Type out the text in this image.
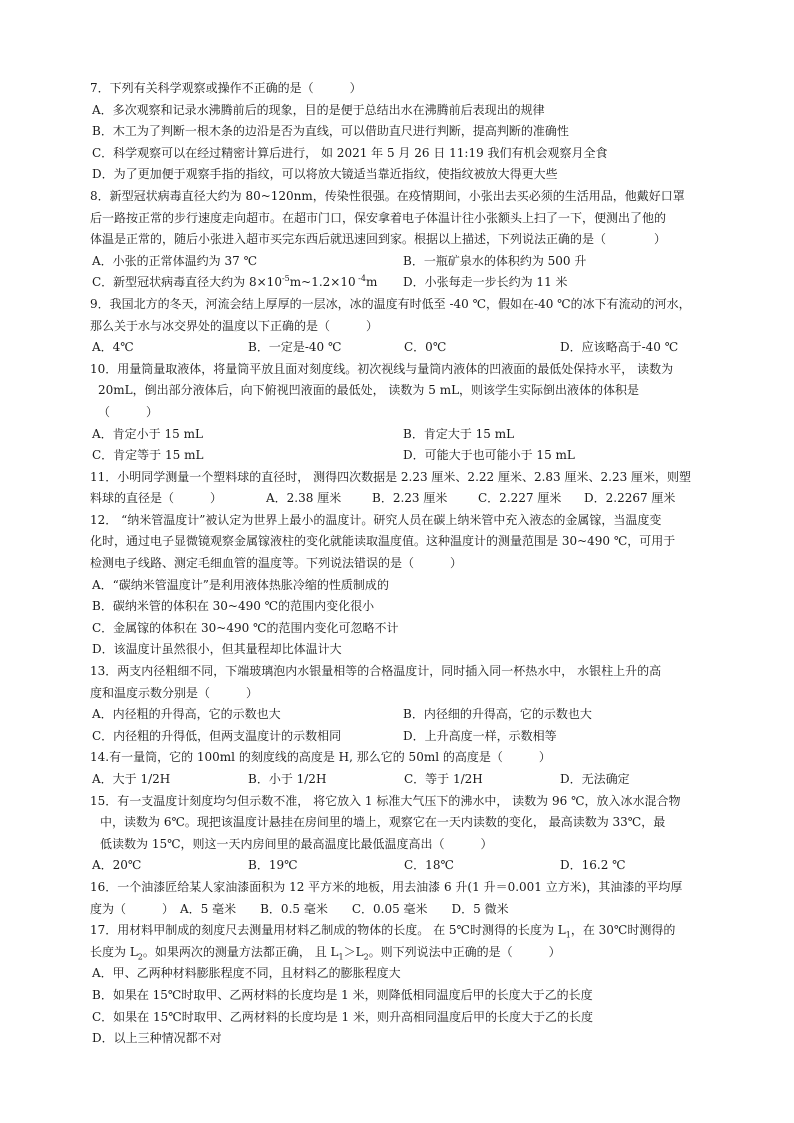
7．下列有关科学观察或操作不正确的是（　　　）
A．多次观察和记录水沸腾前后的现象，目的是便于总结出水在沸腾前后表现出的规律
B．木工为了判断一根木条的边沿是否为直线，可以借助直尺进行判断，提高判断的准确性
C．科学观察可以在经过精密计算后进行， 如 2021 年 5 月 26 日 11:19 我们有机会观察月全食
D．为了更加便于观察手指的指纹，可以将放大镜适当靠近指纹，使指纹被放大得更大些
8．新型冠状病毒直径大约为 80~120nm，传染性很强。在疫情期间，小张出去买必须的生活用品，他戴好口罩
后一路按正常的步行速度走向超市。在超市门口，保安拿着电子体温计往小张额头上扫了一下，便测出了他的
体温是正常的，随后小张进入超市买完东西后就迅速回到家。根据以上描述，下列说法正确的是（　　　　）
A．小张的正常体温约为 37 ℃	B．一瓶矿泉水的体积约为 500 升
C．新型冠状病毒直径大约为 $8\times 10^{-5}m\sim 1.2\times 10$ $^{-4}$m D．小张每走一步长约为 11 米
9．我国北方的冬天，河流会结上厚厚的一层冰，冰的温度有时低至 -40 ℃，假如在-40 ℃的冰下有流动的河水，
那么关于水与冰交界处的温度以下正确的是（　　　）
A．4℃	B．一定是-40 ℃	C．0℃	D．应该略高于-40 ℃
10．用量筒量取液体，将量筒平放且面对刻度线。初次视线与量筒内液体的凹液面的最低处保持水平， 读数为
20mL，倒出部分液体后，向下俯视凹液面的最低处， 读数为 5 mL，则该学生实际倒出液体的体积是
（　　　）
A．肯定小于 15 mL	B．肯定大于 15 mL
C．肯定等于 15 mL	D．可能大于也可能小于 15 mL
11．小明同学测量一个塑料球的直径时， 测得四次数据是 2.23 厘米、2.22 厘米、2.83 厘米、2.23 厘米，则塑
料球的直径是（　　　）	A．2.38 厘米	B．2.23 厘米	C．2.227 厘米 D．2.2267 厘米
12． “纳米管温度计”被认定为世界上最小的温度计。研究人员在碳上纳米管中充入液态的金属镓，当温度变
化时，通过电子显微镜观察金属镓液柱的变化就能读取温度值。这种温度计的测量范围是 30~490 ℃，可用于
检测电子线路、测定毛细血管的温度等。下列说法错误的是（　　　）
A．“碳纳米管温度计”是利用液体热胀冷缩的性质制成的
B．碳纳米管的体积在 30~490 ℃的范围内变化很小
C．金属镓的体积在 30~490 ℃的范围内变化可忽略不计
D．该温度计虽然很小，但其量程却比体温计大
13．两支内径粗细不同，下端玻璃泡内水银量相等的合格温度计，同时插入同一杯热水中， 水银柱上升的高
度和温度示数分别是（　　　）
A．内径粗的升得高，它的示数也大	B．内径细的升得高，它的示数也大
C．内径粗的升得低，但两支温度计的示数相同	D．上升高度一样，示数相等
14.有一量筒，它的 100ml 的刻度线的高度是 H, 那么它的 50ml 的高度是（　　　）
A．大于 1/2H	B．小于 1/2H	C．等于 1/2H	D．无法确定
15．有一支温度计刻度均匀但示数不准， 将它放入 1 标准大气压下的沸水中， 读数为 96 ℃，放入冰水混合物
中，读数为 6℃。现把该温度计悬挂在房间里的墙上，观察它在一天内读数的变化， 最高读数为 33℃，最
低读数为 15℃，则这一天内房间里的最高温度比最低温度高出（　　　）
A．20℃	B．19℃	C．18℃	D．16.2 ℃
16．一个油漆匠给某人家油漆面积为 12 平方米的地板，用去油漆 6 升(1 升＝0.001 立方米)，其油漆的平均厚
度为（　　　）　A．5 毫米　　B．0.5 毫米　　C．0.05 毫米　　D．5 微米
17．用材料甲制成的刻度尺去测量用材料乙制成的物体的长度。 在 5℃时测得的长度为 $L_1$，在 30℃时测得的
长度为 $L_2$。如果两次的测量方法都正确， 且 $L_1>L_2$。则下列说法中正确的是（　　　）
A．甲、乙两种材料膨胀程度不同，且材料乙的膨胀程度大
B．如果在 15℃时取甲、乙两材料的长度均是 1 米，则降低相同温度后甲的长度大于乙的长度
C．如果在 15℃时取甲、乙两材料的长度均是 1 米，则升高相同温度后甲的长度大于乙的长度
D．以上三种情况都不对
